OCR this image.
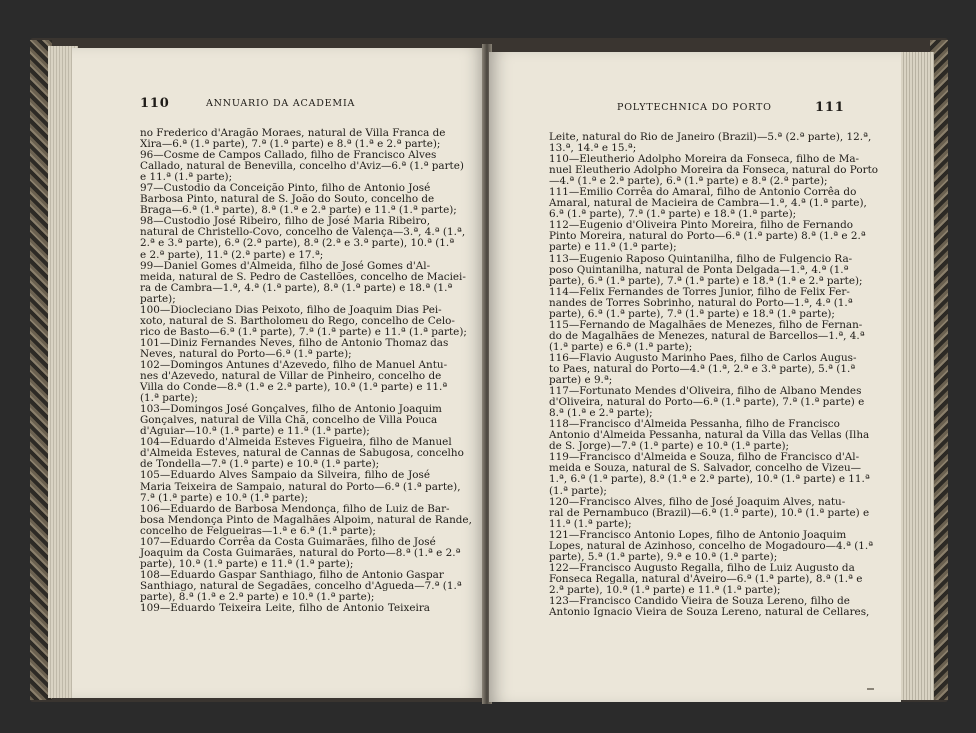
110	ANNUARIO DA ACADEMIA
no Frederico d'Aragão Moraes, natural de Villa Franca de
Xira—6.ª (1.ª parte), 7.ª (1.ª parte) e 8.ª (1.ª e 2.ª parte);
96—Cosme de Campos Callado, filho de Francisco Alves
Callado, natural de Benevilla, concelho d'Aviz—6.ª (1.ª parte)
e 11.ª (1.ª parte);
97—Custodio da Conceição Pinto, filho de Antonio José
Barbosa Pinto, natural de S. João do Souto, concelho de
Braga—6.ª (1.ª parte), 8.ª (1.ª e 2.ª parte) e 11.ª (1.ª parte);
98—Custodio José Ribeiro, filho de José Maria Ribeiro,
natural de Christello-Covo, concelho de Valença—3.ª, 4.ª (1.ª,
2.ª e 3.ª parte), 6.ª (2.ª parte), 8.ª (2.ª e 3.ª parte), 10.ª (1.ª
e 2.ª parte), 11.ª (2.ª parte) e 17.ª;
99—Daniel Gomes d'Almeida, filho de José Gomes d'Al-
meida, natural de S. Pedro de Castellões, concelho de Maciei-
ra de Cambra—1.ª, 4.ª (1.ª parte), 8.ª (1.ª parte) e 18.ª (1.ª
parte);
100—Diocleciano Dias Peixoto, filho de Joaquim Dias Pei-
xoto, natural de S. Bartholomeu do Rego, concelho de Celo-
rico de Basto—6.ª (1.ª parte), 7.ª (1.ª parte) e 11.ª (1.ª parte);
101—Diniz Fernandes Neves, filho de Antonio Thomaz das
Neves, natural do Porto—6.ª (1.ª parte);
102—Domingos Antunes d'Azevedo, filho de Manuel Antu-
nes d'Azevedo, natural de Villar de Pinheiro, concelho de
Villa do Conde—8.ª (1.ª e 2.ª parte), 10.ª (1.ª parte) e 11.ª
(1.ª parte);
103—Domingos José Gonçalves, filho de Antonio Joaquim
Gonçalves, natural de Villa Chã, concelho de Villa Pouca
d'Aguiar—10.ª (1.ª parte) e 11.ª (1.ª parte);
104—Eduardo d'Almeida Esteves Figueira, filho de Manuel
d'Almeida Esteves, natural de Cannas de Sabugosa, concelho
de Tondella—7.ª (1.ª parte) e 10.ª (1.ª parte);
105—Eduardo Alves Sampaio da Silveira, filho de José
Maria Teixeira de Sampaio, natural do Porto—6.ª (1.ª parte),
7.ª (1.ª parte) e 10.ª (1.ª parte);
106—Eduardo de Barbosa Mendonça, filho de Luiz de Bar-
bosa Mendonça Pinto de Magalhães Alpoim, natural de Rande,
concelho de Felgueiras—1.ª e 6.ª (1.ª parte);
107—Eduardo Corrêa da Costa Guimarães, filho de José
Joaquim da Costa Guimarães, natural do Porto—8.ª (1.ª e 2.ª
parte), 10.ª (1.ª parte) e 11.ª (1.ª parte);
108—Eduardo Gaspar Santhiago, filho de Antonio Gaspar
Santhiago, natural de Segadães, concelho d'Agueda—7.ª (1.ª
parte), 8.ª (1.ª e 2.ª parte) e 10.ª (1.ª parte);
109—Eduardo Teixeira Leite, filho de Antonio Teixeira
POLYTECHNICA DO PORTO	111
Leite, natural do Rio de Janeiro (Brazil)—5.ª (2.ª parte), 12.ª,
13.ª, 14.ª e 15.ª;
110—Eleutherio Adolpho Moreira da Fonseca, filho de Ma-
nuel Eleutherio Adolpho Moreira da Fonseca, natural do Porto
—4.ª (1.ª e 2.ª parte), 6.ª (1.ª parte) e 8.ª (2.ª parte);
111—Emilio Corrêa do Amaral, filho de Antonio Corrêa do
Amaral, natural de Macieira de Cambra—1.ª, 4.ª (1.ª parte),
6.ª (1.ª parte), 7.ª (1.ª parte) e 18.ª (1.ª parte);
112—Eugenio d'Oliveira Pinto Moreira, filho de Fernando
Pinto Moreira, natural do Porto—6.ª (1.ª parte) 8.ª (1.ª e 2.ª
parte) e 11.ª (1.ª parte);
113—Eugenio Raposo Quintanilha, filho de Fulgencio Ra-
poso Quintanilha, natural de Ponta Delgada—1.ª, 4.ª (1.ª
parte), 6.ª (1.ª parte), 7.ª (1.ª parte) e 18.ª (1.ª e 2.ª parte);
114—Felix Fernandes de Torres Junior, filho de Felix Fer-
nandes de Torres Sobrinho, natural do Porto—1.ª, 4.ª (1.ª
parte), 6.ª (1.ª parte), 7.ª (1.ª parte) e 18.ª (1.ª parte);
115—Fernando de Magalhães de Menezes, filho de Fernan-
do de Magalhães de Menezes, natural de Barcellos—1.ª, 4.ª
(1.ª parte) e 6.ª (1.ª parte);
116—Flavio Augusto Marinho Paes, filho de Carlos Augus-
to Paes, natural do Porto—4.ª (1.ª, 2.ª e 3.ª parte), 5.ª (1.ª
parte) e 9.ª;
117—Fortunato Mendes d'Oliveira, filho de Albano Mendes
d'Oliveira, natural do Porto—6.ª (1.ª parte), 7.ª (1.ª parte) e
8.ª (1.ª e 2.ª parte);
118—Francisco d'Almeida Pessanha, filho de Francisco
Antonio d'Almeida Pessanha, natural da Villa das Vellas (Ilha
de S. Jorge)—7.ª (1.ª parte) e 10.ª (1.ª parte);
119—Francisco d'Almeida e Souza, filho de Francisco d'Al-
meida e Souza, natural de S. Salvador, concelho de Vizeu—
1.ª, 6.ª (1.ª parte), 8.ª (1.ª e 2.ª parte), 10.ª (1.ª parte) e 11.ª
(1.ª parte);
120—Francisco Alves, filho de José Joaquim Alves, natu-
ral de Pernambuco (Brazil)—6.ª (1.ª parte), 10.ª (1.ª parte) e
11.ª (1.ª parte);
121—Francisco Antonio Lopes, filho de Antonio Joaquim
Lopes, natural de Azinhoso, concelho de Mogadouro—4.ª (1.ª
parte), 5.ª (1.ª parte), 9.ª e 10.ª (1.ª parte);
122—Francisco Augusto Regalla, filho de Luiz Augusto da
Fonseca Regalla, natural d'Aveiro—6.ª (1.ª parte), 8.ª (1.ª e
2.ª parte), 10.ª (1.ª parte) e 11.ª (1.ª parte);
123—Francisco Candido Vieira de Souza Lereno, filho de
Antonio Ignacio Vieira de Souza Lereno, natural de Cellares,
